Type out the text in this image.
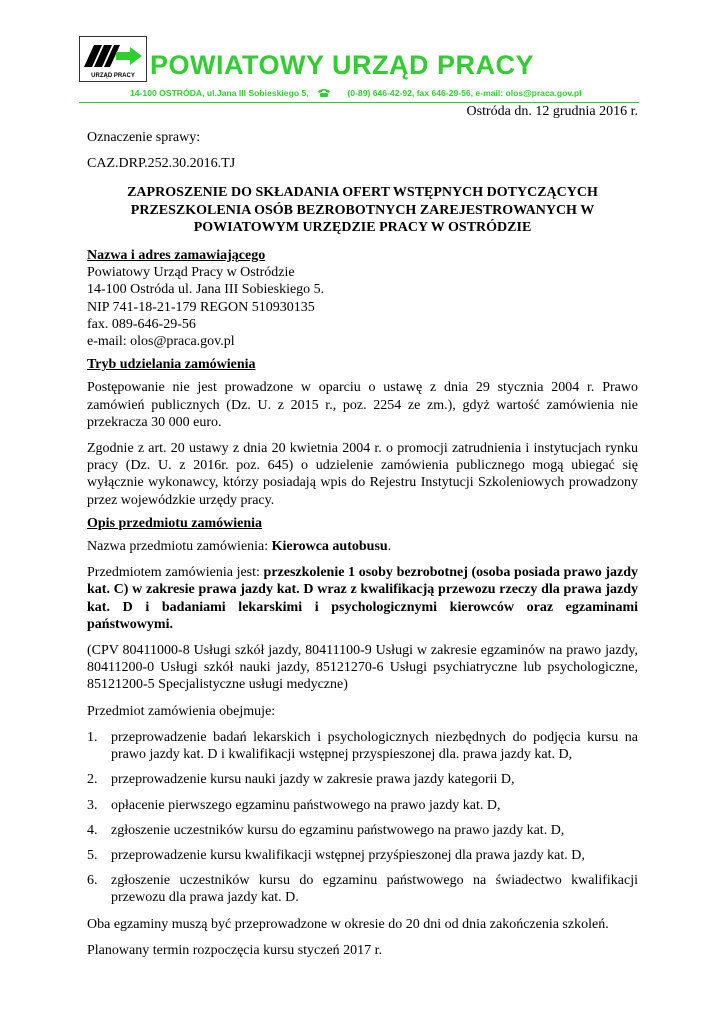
URZĄD PRACY POWIATOWY URZĄD PRACY
14-100 OSTRÓDA, ul.Jana III Sobieskiego 5,	(0-89) 646-42-92, fax 646-29-56, e-mail: olos@praca.gov.pl
Ostróda dn. 12 grudnia 2016 r.

Oznaczenie sprawy:

CAZ.DRP.252.30.2016.TJ

ZAPROSZENIE DO SKŁADANIA OFERT WSTĘPNYCH DOTYCZĄCYCH PRZESZKOLENIA OSÓB BEZROBOTNYCH ZAREJESTROWANYCH W POWIATOWYM URZĘDZIE PRACY W OSTRÓDZIE

Nazwa i adres zamawiającego

Powiatowy Urząd Pracy w Ostródzie

14-100 Ostróda ul. Jana III Sobieskiego 5.

NIP 741-18-21-179 REGON 510930135

fax. 089-646-29-56

e-mail: olos@praca.gov.pl

Tryb udzielania zamówienia

Postępowanie nie jest prowadzone w oparciu o ustawę z dnia 29 stycznia 2004 r. Prawo zamówień publicznych (Dz. U. z 2015 r., poz. 2254 ze zm.), gdyż wartość zamówienia nie przekracza 30 000 euro.

Zgodnie z art. 20 ustawy z dnia 20 kwietnia 2004 r. o promocji zatrudnienia i instytucjach rynku pracy (Dz. U. z 2016r. poz. 645) o udzielenie zamówienia publicznego mogą ubiegać się wyłącznie wykonawcy, którzy posiadają wpis do Rejestru Instytucji Szkoleniowych prowadzony przez wojewódzkie urzędy pracy.

Opis przedmiotu zamówienia

Nazwa przedmiotu zamówienia: Kierowca autobusu.

Przedmiotem zamówienia jest: przeszkolenie 1 osoby bezrobotnej (osoba posiada prawo jazdy kat. C) w zakresie prawa jazdy kat. D wraz z kwalifikacją przewozu rzeczy dla prawa jazdy kat. D i badaniami lekarskimi i psychologicznymi kierowców oraz egzaminami państwowymi.

(CPV 80411000-8 Usługi szkół jazdy, 80411100-9 Usługi w zakresie egzaminów na prawo jazdy, 80411200-0 Usługi szkół nauki jazdy, 85121270-6 Usługi psychiatryczne lub psychologiczne, 85121200-5 Specjalistyczne usługi medyczne)

Przedmiot zamówienia obejmuje:

1. przeprowadzenie badań lekarskich i psychologicznych niezbędnych do podjęcia kursu na prawo jazdy kat. D i kwalifikacji wstępnej przyspieszonej dla. prawa jazdy kat. D,
2. przeprowadzenie kursu nauki jazdy w zakresie prawa jazdy kategorii D,
3. opłacenie pierwszego egzaminu państwowego na prawo jazdy kat. D,
4. zgłoszenie uczestników kursu do egzaminu państwowego na prawo jazdy kat. D,
5. przeprowadzenie kursu kwalifikacji wstępnej przyśpieszonej dla prawa jazdy kat. D,
6. zgłoszenie uczestników kursu do egzaminu państwowego na świadectwo kwalifikacji przewozu dla prawa jazdy kat. D.

Oba egzaminy muszą być przeprowadzone w okresie do 20 dni od dnia zakończenia szkoleń.

Planowany termin rozpoczęcia kursu styczeń 2017 r.
